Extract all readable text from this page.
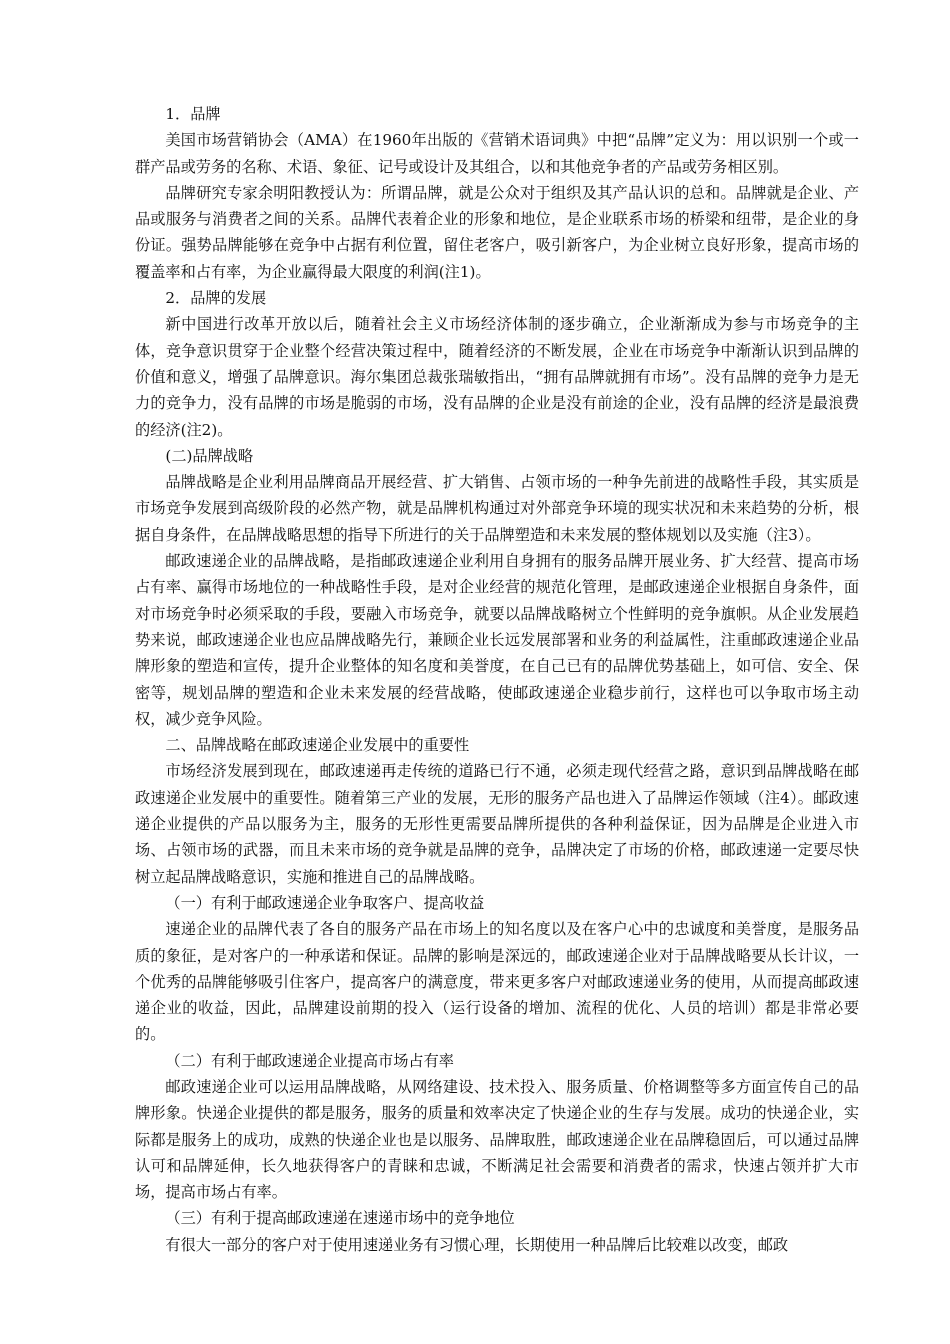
1．品牌

美国市场营销协会（AMA）在1960年出版的《营销术语词典》中把“品牌”定义为：用以识别一个或一群产品或劳务的名称、术语、象征、记号或设计及其组合，以和其他竞争者的产品或劳务相区别。

品牌研究专家余明阳教授认为：所谓品牌，就是公众对于组织及其产品认识的总和。品牌就是企业、产品或服务与消费者之间的关系。品牌代表着企业的形象和地位，是企业联系市场的桥梁和纽带，是企业的身份证。强势品牌能够在竞争中占据有利位置，留住老客户，吸引新客户，为企业树立良好形象，提高市场的覆盖率和占有率，为企业赢得最大限度的利润(注1)。

2．品牌的发展

新中国进行改革开放以后，随着社会主义市场经济体制的逐步确立，企业渐渐成为参与市场竞争的主体，竞争意识贯穿于企业整个经营决策过程中，随着经济的不断发展，企业在市场竞争中渐渐认识到品牌的价值和意义，增强了品牌意识。海尔集团总裁张瑞敏指出，“拥有品牌就拥有市场”。没有品牌的竞争力是无力的竞争力，没有品牌的市场是脆弱的市场，没有品牌的企业是没有前途的企业，没有品牌的经济是最浪费的经济(注2)。

(二)品牌战略

品牌战略是企业利用品牌商品开展经营、扩大销售、占领市场的一种争先前进的战略性手段，其实质是市场竞争发展到高级阶段的必然产物，就是品牌机构通过对外部竞争环境的现实状况和未来趋势的分析，根据自身条件，在品牌战略思想的指导下所进行的关于品牌塑造和未来发展的整体规划以及实施（注3）。

邮政速递企业的品牌战略，是指邮政速递企业利用自身拥有的服务品牌开展业务、扩大经营、提高市场占有率、赢得市场地位的一种战略性手段，是对企业经营的规范化管理，是邮政速递企业根据自身条件，面对市场竞争时必须采取的手段，要融入市场竞争，就要以品牌战略树立个性鲜明的竞争旗帜。从企业发展趋势来说，邮政速递企业也应品牌战略先行，兼顾企业长远发展部署和业务的利益属性，注重邮政速递企业品牌形象的塑造和宣传，提升企业整体的知名度和美誉度，在自己已有的品牌优势基础上，如可信、安全、保密等，规划品牌的塑造和企业未来发展的经营战略，使邮政速递企业稳步前行，这样也可以争取市场主动权，减少竞争风险。

二、品牌战略在邮政速递企业发展中的重要性

市场经济发展到现在，邮政速递再走传统的道路已行不通，必须走现代经营之路，意识到品牌战略在邮政速递企业发展中的重要性。随着第三产业的发展，无形的服务产品也进入了品牌运作领域（注4）。邮政速递企业提供的产品以服务为主，服务的无形性更需要品牌所提供的各种利益保证，因为品牌是企业进入市场、占领市场的武器，而且未来市场的竞争就是品牌的竞争，品牌决定了市场的价格，邮政速递一定要尽快树立起品牌战略意识，实施和推进自己的品牌战略。

（一）有利于邮政速递企业争取客户、提高收益

速递企业的品牌代表了各自的服务产品在市场上的知名度以及在客户心中的忠诚度和美誉度，是服务品质的象征，是对客户的一种承诺和保证。品牌的影响是深远的，邮政速递企业对于品牌战略要从长计议，一个优秀的品牌能够吸引住客户，提高客户的满意度，带来更多客户对邮政速递业务的使用，从而提高邮政速递企业的收益，因此，品牌建设前期的投入（运行设备的增加、流程的优化、人员的培训）都是非常必要的。

（二）有利于邮政速递企业提高市场占有率

邮政速递企业可以运用品牌战略，从网络建设、技术投入、服务质量、价格调整等多方面宣传自己的品牌形象。快递企业提供的都是服务，服务的质量和效率决定了快递企业的生存与发展。成功的快递企业，实际都是服务上的成功，成熟的快递企业也是以服务、品牌取胜，邮政速递企业在品牌稳固后，可以通过品牌认可和品牌延伸，长久地获得客户的青睐和忠诚，不断满足社会需要和消费者的需求，快速占领并扩大市场，提高市场占有率。

（三）有利于提高邮政速递在速递市场中的竞争地位

有很大一部分的客户对于使用速递业务有习惯心理，长期使用一种品牌后比较难以改变，邮政
